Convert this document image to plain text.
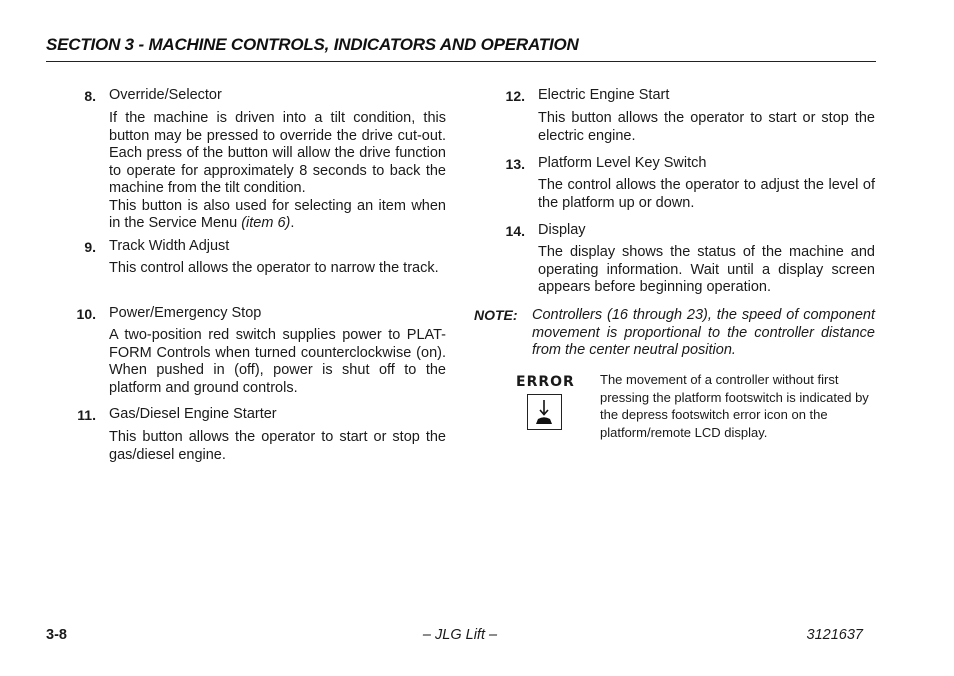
SECTION 3 - MACHINE CONTROLS, INDICATORS AND OPERATION
8. Override/Selector

If the machine is driven into a tilt condition, this button may be pressed to override the drive cut-out. Each press of the button will allow the drive function to operate for approximately 8 seconds to back the machine from the tilt condition.

This button is also used for selecting an item when in the Service Menu (item 6).

9. Track Width Adjust

This control allows the operator to narrow the track.

10. Power/Emergency Stop

A two-position red switch supplies power to PLAT-FORM Controls when turned counterclockwise (on). When pushed in (off), power is shut off to the platform and ground controls.

11. Gas/Diesel Engine Starter

This button allows the operator to start or stop the gas/diesel engine.

12. Electric Engine Start

This button allows the operator to start or stop the electric engine.

13. Platform Level Key Switch

The control allows the operator to adjust the level of the platform up or down.

14. Display

The display shows the status of the machine and operating information. Wait until a display screen appears before beginning operation.

NOTE: Controllers (16 through 23), the speed of component movement is proportional to the controller distance from the center neutral position.
ERROR The movement of a controller without first pressing the platform footswitch is indicated by the depress footswitch error icon on the platform/remote LCD display.
3-8	– JLG Lift –	3121637
